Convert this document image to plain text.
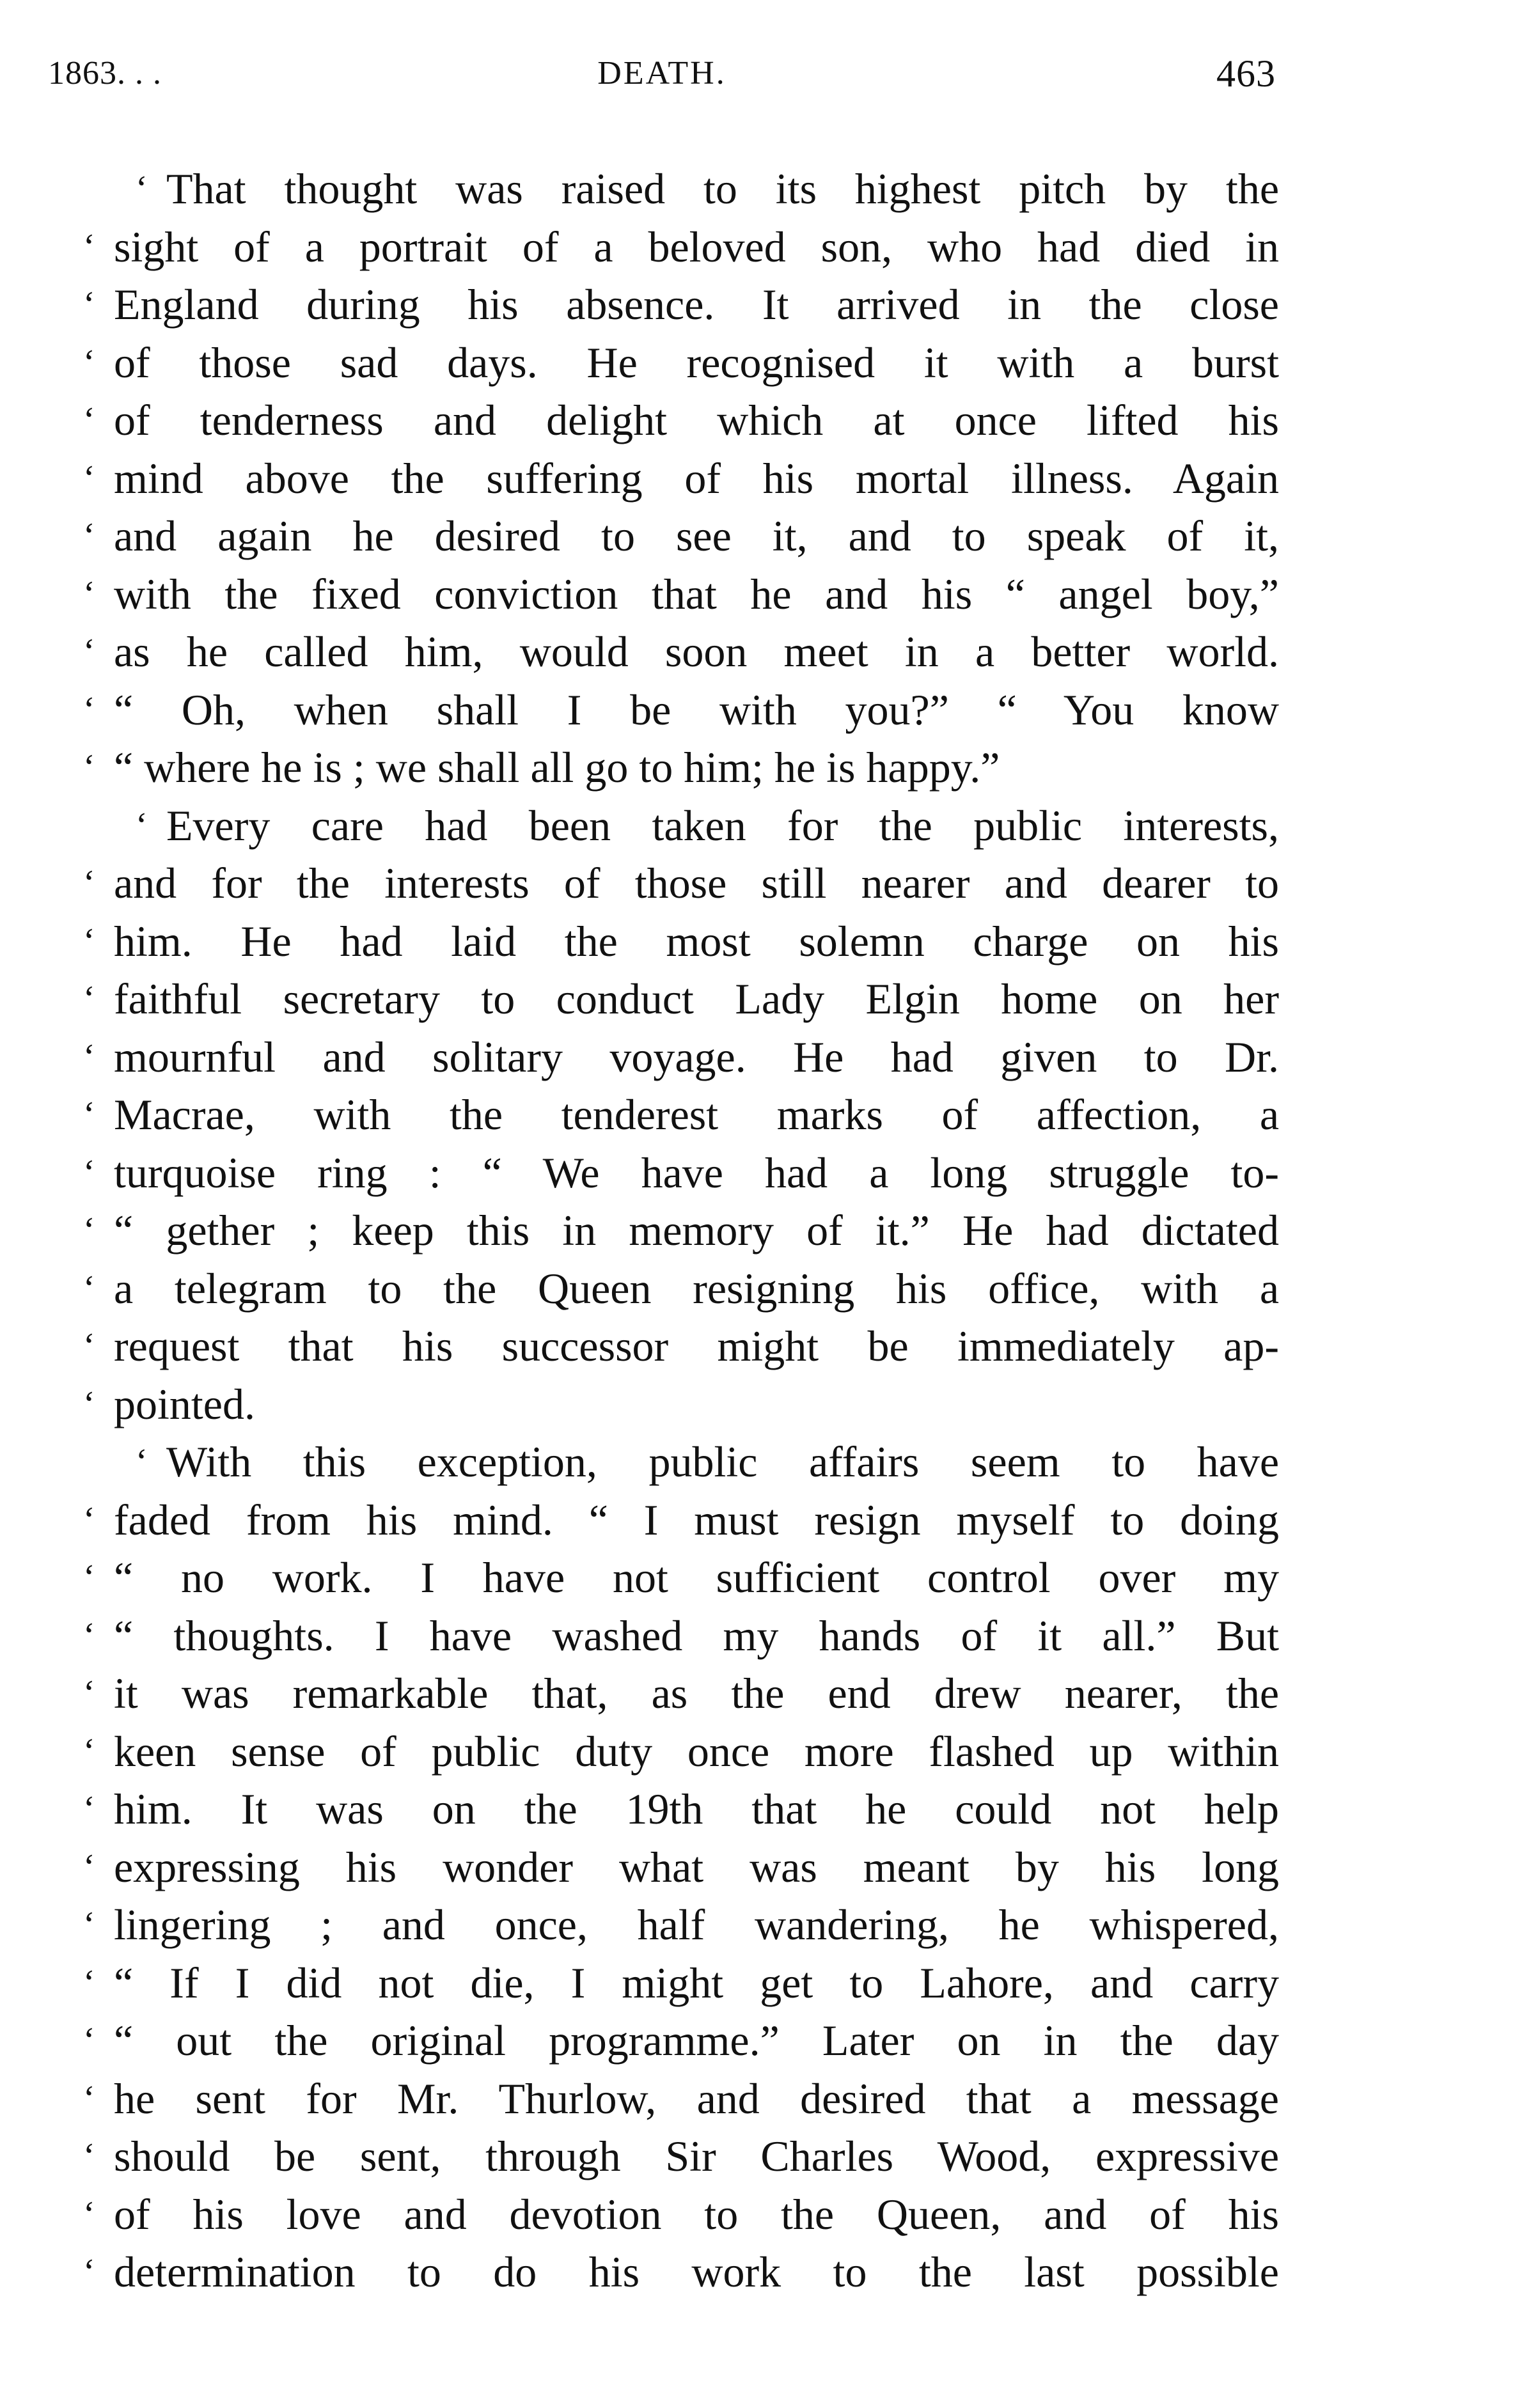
1863. . .	DEATH.	463
‘ That thought was raised to its highest pitch by the
‘ sight of a portrait of a beloved son, who had died in
‘ England during his absence. It arrived in the close
‘ of those sad days. He recognised it with a burst
‘ of tenderness and delight which at once lifted his
‘ mind above the suffering of his mortal illness. Again
‘ and again he desired to see it, and to speak of it,
‘ with the fixed conviction that he and his “ angel boy,”
‘ as he called him, would soon meet in a better world.
‘ “ Oh, when shall I be with you?” “ You know
‘ “ where he is ; we shall all go to him; he is happy.”
‘ Every care had been taken for the public interests,
‘ and for the interests of those still nearer and dearer to
‘ him. He had laid the most solemn charge on his
‘ faithful secretary to conduct Lady Elgin home on her
‘ mournful and solitary voyage. He had given to Dr.
‘ Macrae, with the tenderest marks of affection, a
‘ turquoise ring : “ We have had a long struggle to-
‘ “ gether ; keep this in memory of it.” He had dictated
‘ a telegram to the Queen resigning his office, with a
‘ request that his successor might be immediately ap-
‘ pointed.
‘ With this exception, public affairs seem to have
‘ faded from his mind. “ I must resign myself to doing
‘ “ no work. I have not sufficient control over my
‘ “ thoughts. I have washed my hands of it all.” But
‘ it was remarkable that, as the end drew nearer, the
‘ keen sense of public duty once more flashed up within
‘ him. It was on the 19th that he could not help
‘ expressing his wonder what was meant by his long
‘ lingering ; and once, half wandering, he whispered,
‘ “ If I did not die, I might get to Lahore, and carry
‘ “ out the original programme.” Later on in the day
‘ he sent for Mr. Thurlow, and desired that a message
‘ should be sent, through Sir Charles Wood, expressive
‘ of his love and devotion to the Queen, and of his
‘ determination to do his work to the last possible
